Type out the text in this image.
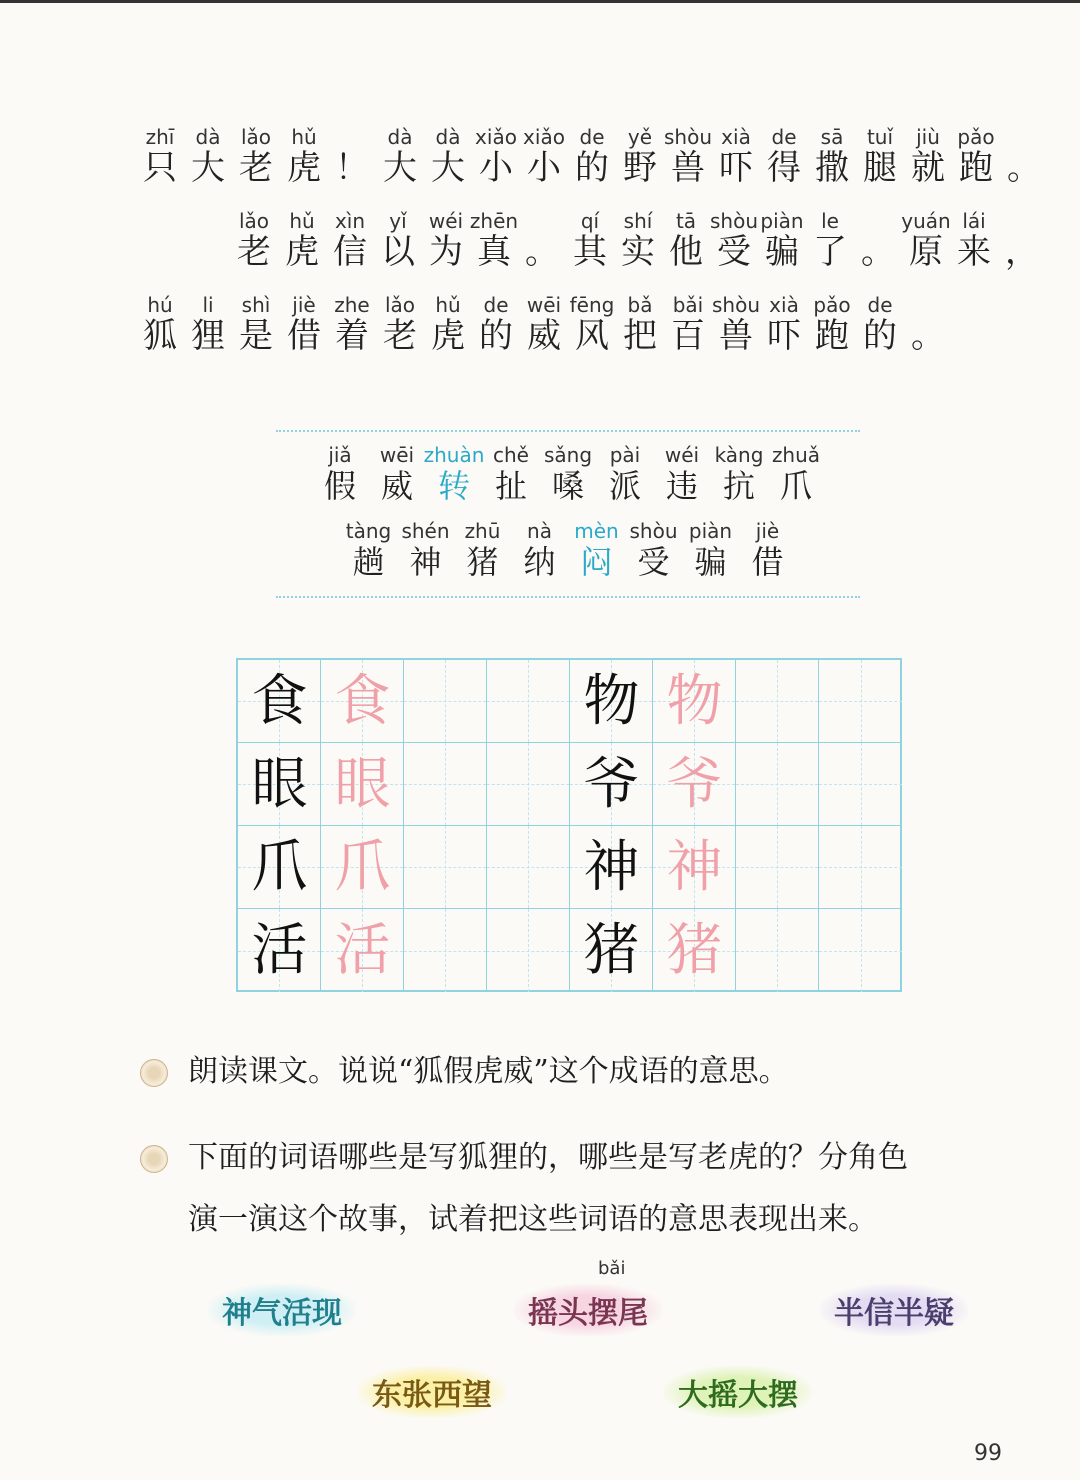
zhī
只
dà
大
lǎo
老
hǔ
虎 ！
dà
大
dà
大
xiǎo
小
xiǎo
小
de
的
yě
野
shòu
兽
xià
吓
de
得
sā
撒
tuǐ
腿
jiù
就
pǎo
跑 。
lǎo
老
hǔ
虎
xìn
信
yǐ
以
wéi
为
zhēn
真 。
qí
其
shí
实
tā
他
shòu
受
piàn
骗
le
了 。
yuán
原
lái
来 ，
hú
狐
li
狸
shì
是
jiè
借
zhe
着
lǎo
老
hǔ
虎
de
的
wēi
威
fēng
风
bǎ
把
bǎi
百
shòu
兽
xià
吓
pǎo
跑
de
的 。
jiǎ
假
wēi
威
zhuàn
转
chě
扯
sǎng
嗓
pài
派
wéi
违
kàng
抗
zhuǎ
爪
tàng
趟
shén
神
zhū
猪
nà
纳
mèn
闷
shòu
受
piàn
骗
jiè
借
食 食	物 物
眼 眼	爷 爷
爪 爪	神 神
活 活	猪 猪
朗读课文。说说“狐假虎威”这个成语的意思。
下面的词语哪些是写狐狸的，哪些是写老虎的？分角色
演一演这个故事，试着把这些词语的意思表现出来。
神气活现
bǎi
摇头摆尾	半信半疑
东张西望	大摇大摆
99
